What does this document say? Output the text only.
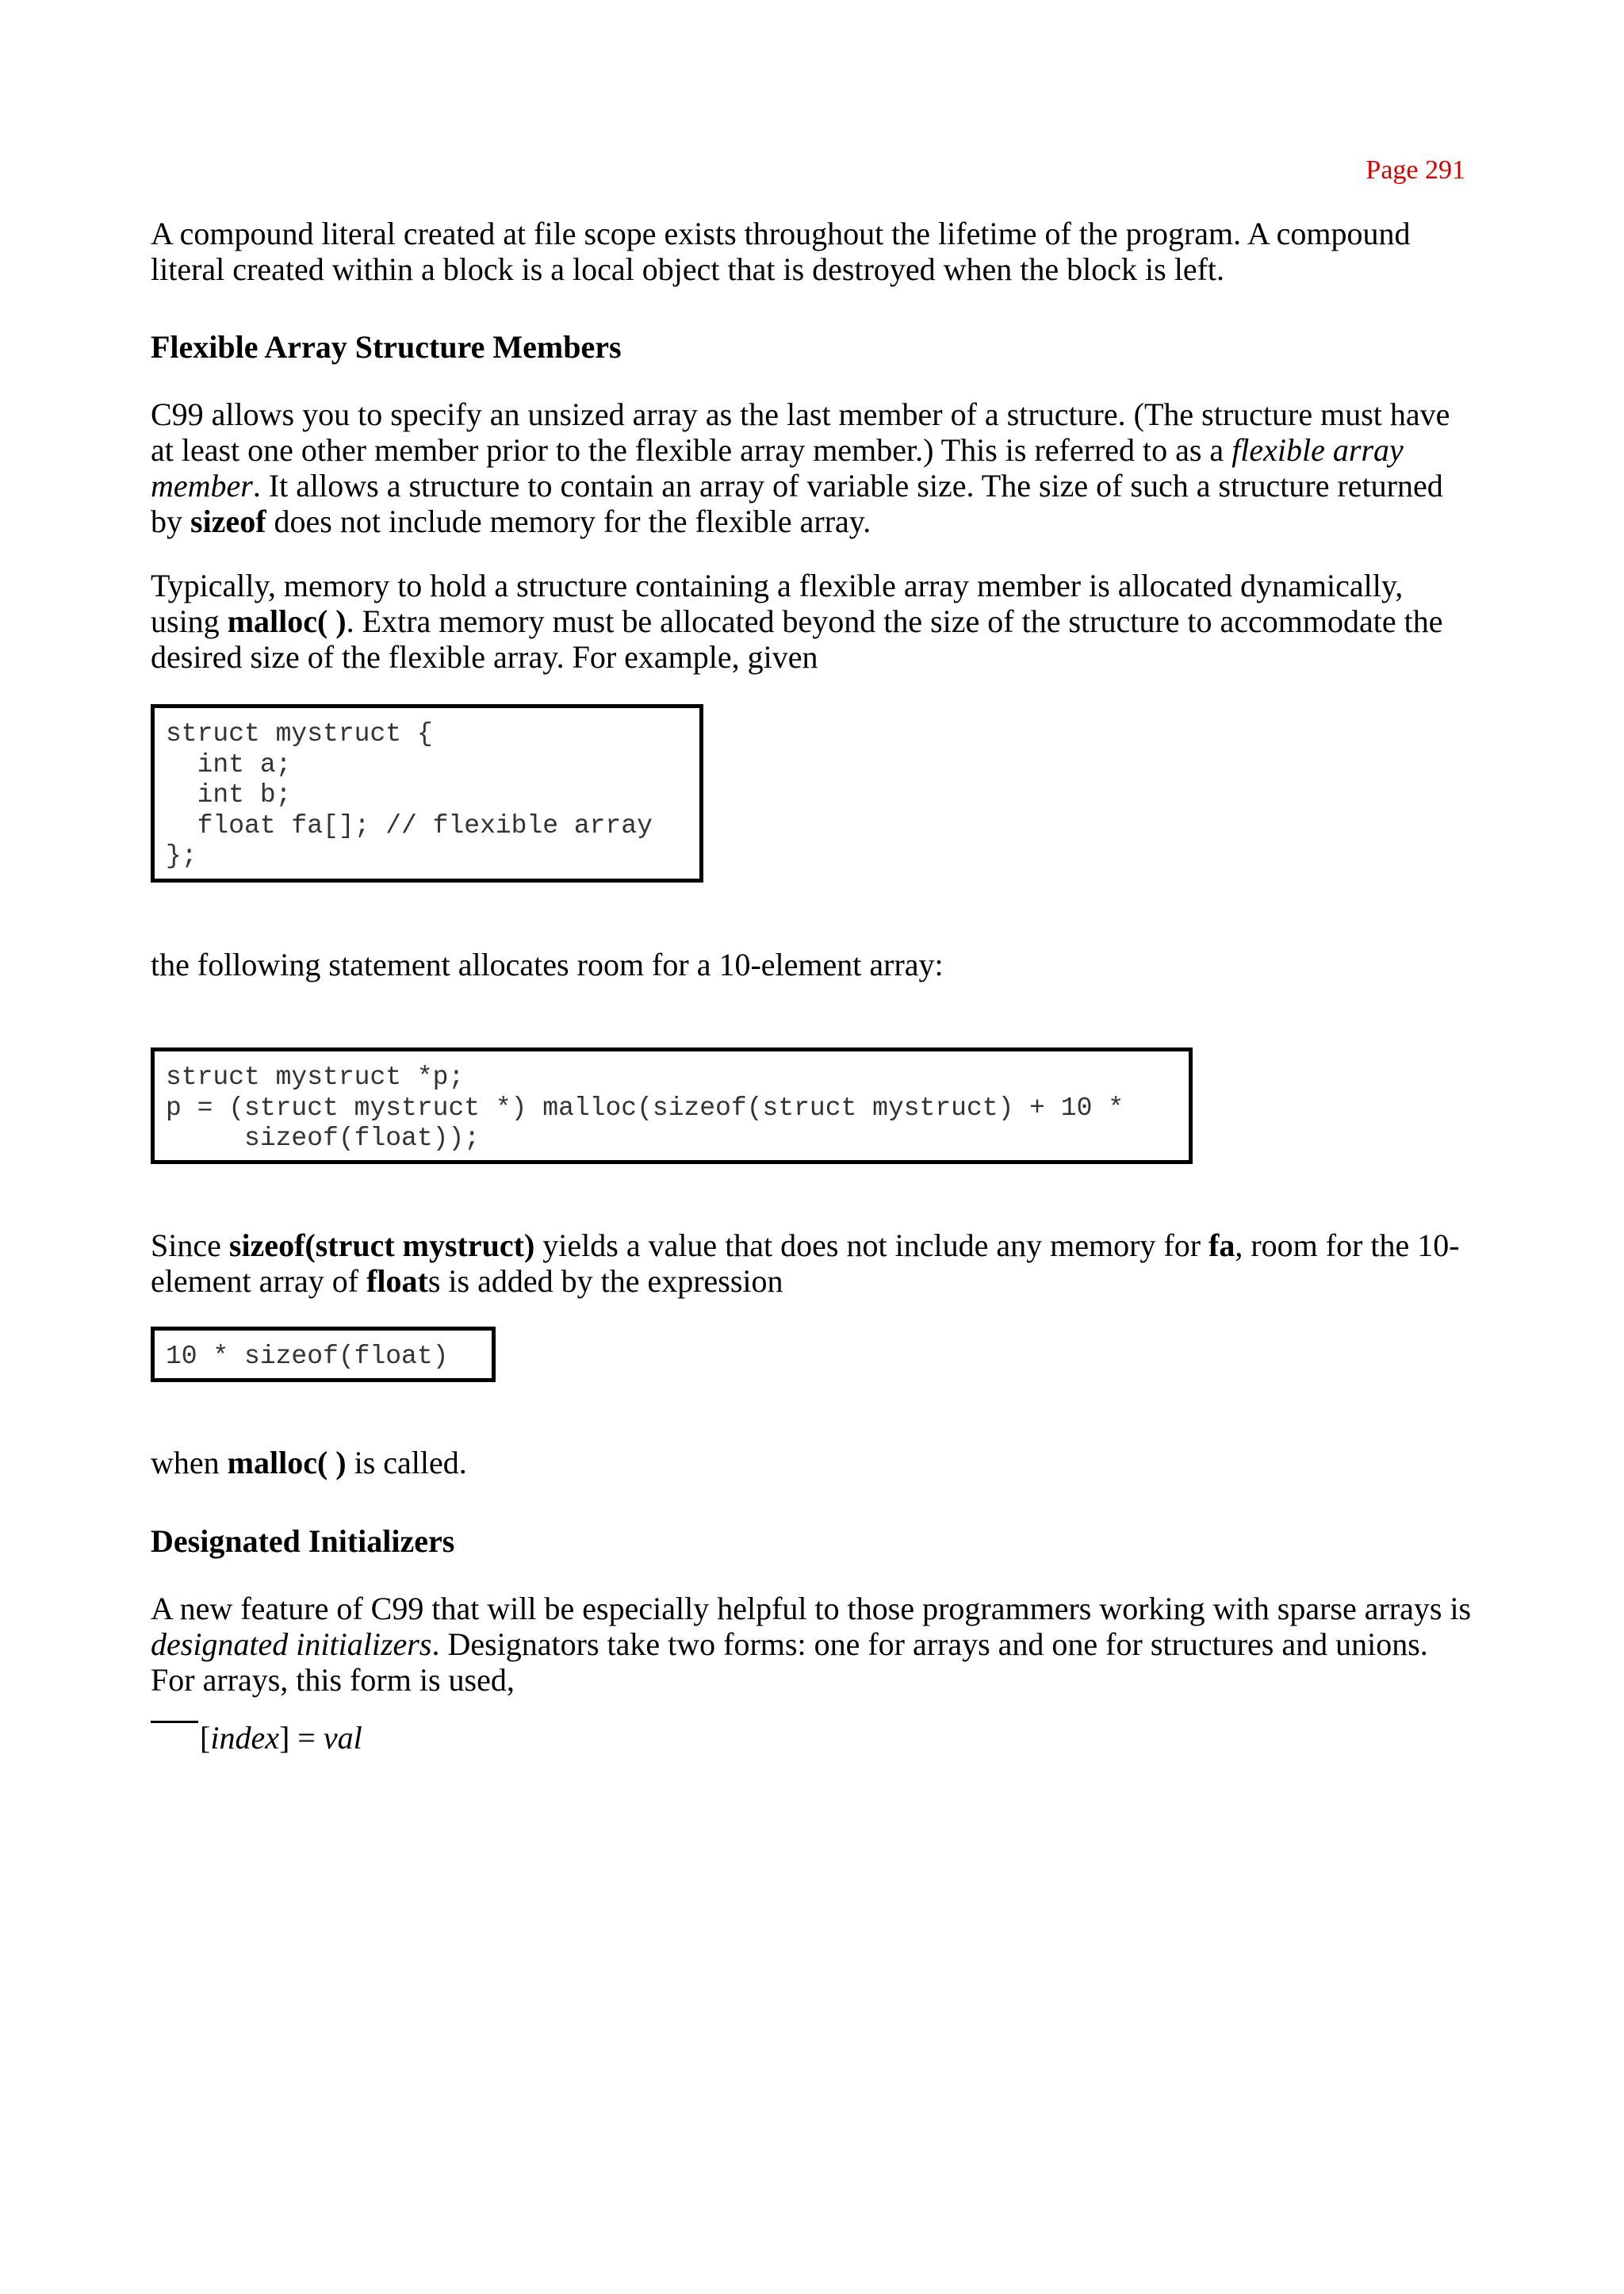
Page 291

A compound literal created at file scope exists throughout the lifetime of the program. A compound literal created within a block is a local object that is destroyed when the block is left.

Flexible Array Structure Members

C99 allows you to specify an unsized array as the last member of a structure. (The structure must have at least one other member prior to the flexible array member.) This is referred to as a flexible array member. It allows a structure to contain an array of variable size. The size of such a structure returned by sizeof does not include memory for the flexible array.

Typically, memory to hold a structure containing a flexible array member is allocated dynamically, using malloc( ). Extra memory must be allocated beyond the size of the structure to accommodate the desired size of the flexible array. For example, given

struct mystruct {
int a;
int b;
float fa[]; // flexible array
};

the following statement allocates room for a 10-element array:

struct mystruct *p;
p = (struct mystruct *) malloc(sizeof(struct mystruct) + 10 *
sizeof(float));

Since sizeof(struct mystruct) yields a value that does not include any memory for fa, room for the 10-element array of floats is added by the expression

10 * sizeof(float)

when malloc( ) is called.

Designated Initializers

A new feature of C99 that will be especially helpful to those programmers working with sparse arrays is designated initializers. Designators take two forms: one for arrays and one for structures and unions. For arrays, this form is used,

[index] = val
